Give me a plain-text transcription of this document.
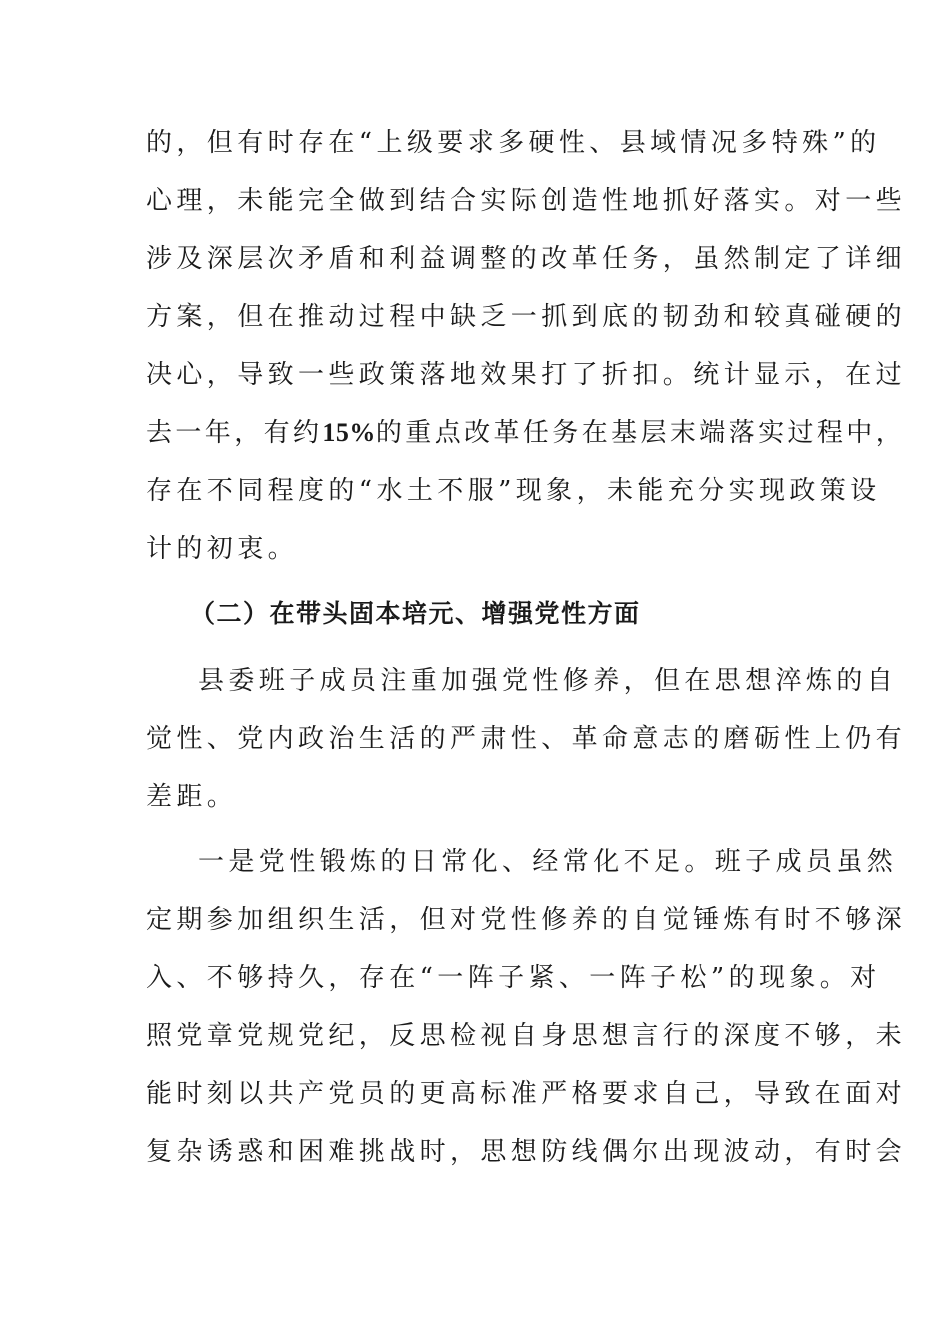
的，但有时存在“上级要求多硬性、县域情况多特殊”的
心理，未能完全做到结合实际创造性地抓好落实。对一些
涉及深层次矛盾和利益调整的改革任务，虽然制定了详细
方案，但在推动过程中缺乏一抓到底的韧劲和较真碰硬的
决心，导致一些政策落地效果打了折扣。统计显示，在过
去一年，有约15%的重点改革任务在基层末端落实过程中，
存在不同程度的“水土不服”现象，未能充分实现政策设
计的初衷。
（二）在带头固本培元、增强党性方面
县委班子成员注重加强党性修养，但在思想淬炼的自
觉性、党内政治生活的严肃性、革命意志的磨砺性上仍有
差距。
一是党性锻炼的日常化、经常化不足。班子成员虽然
定期参加组织生活，但对党性修养的自觉锤炼有时不够深
入、不够持久，存在“一阵子紧、一阵子松”的现象。对
照党章党规党纪，反思检视自身思想言行的深度不够，未
能时刻以共产党员的更高标准严格要求自己，导致在面对
复杂诱惑和困难挑战时，思想防线偶尔出现波动，有时会
